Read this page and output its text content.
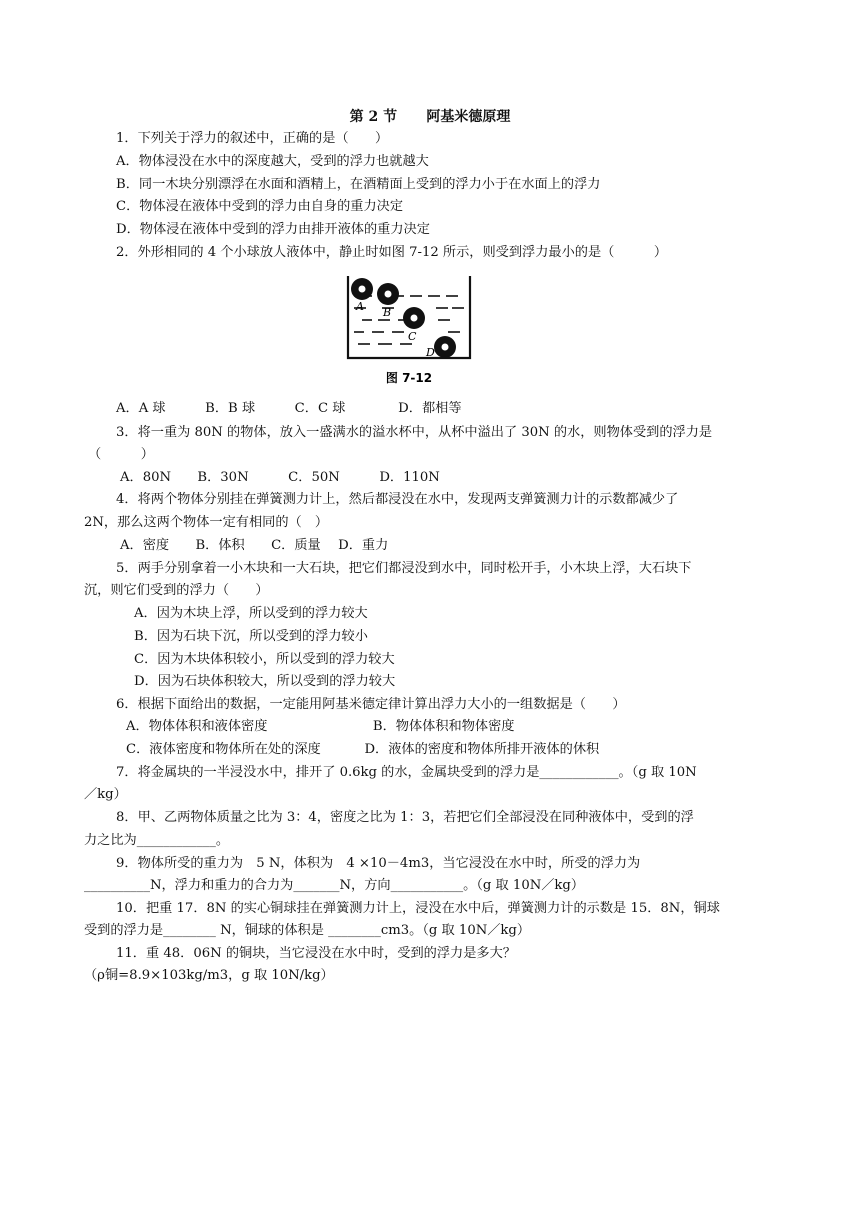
第 2 节      阿基米德原理
1．下列关于浮力的叙述中，正确的是（　　）
A．物体浸没在水中的深度越大，受到的浮力也就越大
B．同一木块分别漂浮在水面和酒精上，在酒精面上受到的浮力小于在水面上的浮力
C．物体浸在液体中受到的浮力由自身的重力决定
D．物体浸在液体中受到的浮力由排开液体的重力决定
2．外形相同的 4 个小球放人液体中，静止时如图 7-12 所示，则受到浮力最小的是（　　　）
A B
C
D
图 7-12
A．A 球　　　B．B 球　　　C．C 球　　　　D．都相等
3．将一重为 80N 的物体，放入一盛满水的溢水杯中，从杯中溢出了 30N 的水，则物体受到的浮力是
（　　　）
A．80N　　B．30N　　　C．50N　　　D．110N
4．将两个物体分别挂在弹簧测力计上，然后都浸没在水中，发现两支弹簧测力计的示数都减少了
2N，那么这两个物体一定有相同的（　）
A．密度　　B．体积　　C．质量　 D．重力
5．两手分别拿着一小木块和一大石块，把它们都浸没到水中，同时松开手，小木块上浮，大石块下
沉，则它们受到的浮力（　　）
A．因为木块上浮，所以受到的浮力较大
B．因为石块下沉，所以受到的浮力较小
C．因为木块体积较小，所以受到的浮力较大
D．因为石块体积较大，所以受到的浮力较大
6．根据下面给出的数据，一定能用阿基米德定律计算出浮力大小的一组数据是（　　）
A．物体体积和液体密度　　　　　　　　B．物体体积和物体密度
C．液体密度和物体所在处的深度　　　 D．液体的密度和物体所排开液体的休积
7．将金属块的一半浸没水中，排开了 0.6kg 的水，金属块受到的浮力是____________。（g 取 10N
／kg）
8．甲、乙两物体质量之比为 3：4，密度之比为 1：3，若把它们全部浸没在同种液体中，受到的浮
力之比为____________。
9．物体所受的重力为　5 N，体积为　4 ×10－4m3，当它浸没在水中时，所受的浮力为
__________N，浮力和重力的合力为_______N，方向___________。（g 取 10N／kg）
10．把重 17．8N 的实心铜球挂在弹簧测力计上，浸没在水中后，弹簧测力计的示数是 15．8N，铜球
受到的浮力是________ N，铜球的体积是 ________cm3。（g 取 10N／kg）
11．重 48．06N 的铜块，当它浸没在水中时，受到的浮力是多大？
（ρ铜=8.9×103kg/m3，g 取 10N/kg）
